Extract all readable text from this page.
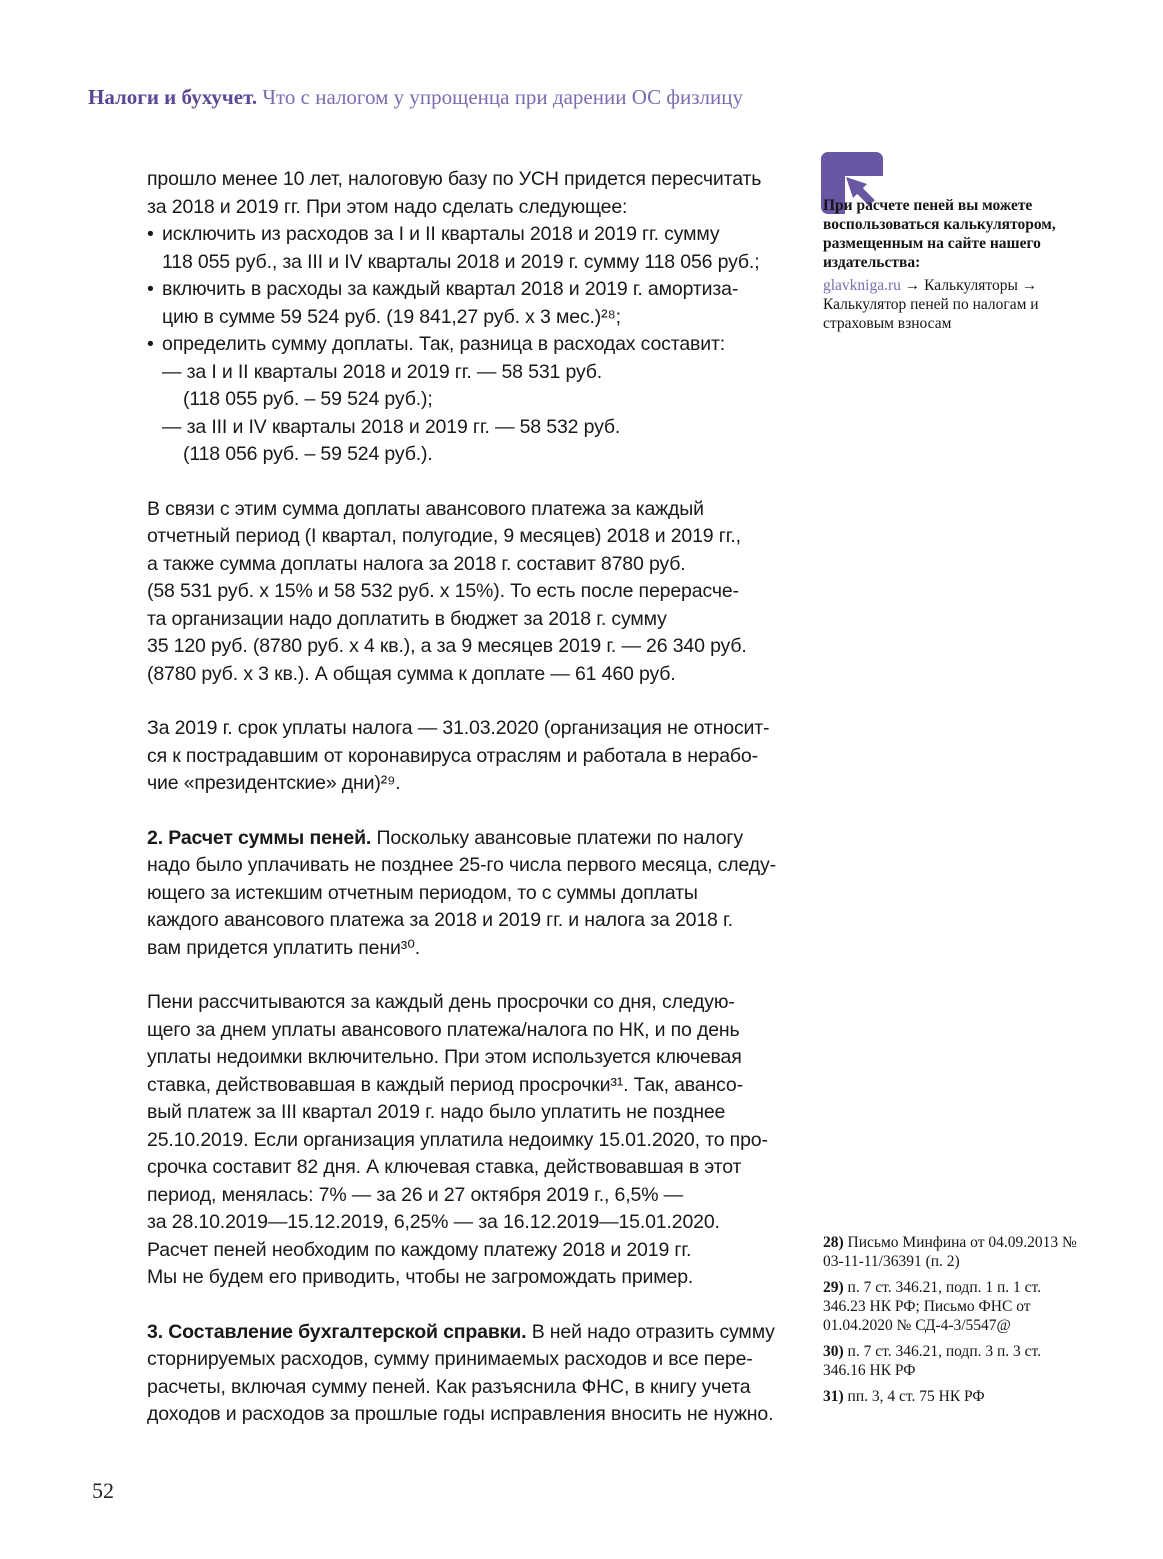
Налоги и бухучет. Что с налогом у упрощенца при дарении ОС физлицу
прошло менее 10 лет, налоговую базу по УСН придется пересчитать
за 2018 и 2019 гг. При этом надо сделать следующее:
• исключить из расходов за I и II кварталы 2018 и 2019 гг. сумму
118 055 руб., за III и IV кварталы 2018 и 2019 г. сумму 118 056 руб.;
• включить в расходы за каждый квартал 2018 и 2019 г. амортиза-
цию в сумме 59 524 руб. (19 841,27 руб. х 3 мес.)²⁸;
• определить сумму доплаты. Так, разница в расходах составит:
— за I и II кварталы 2018 и 2019 гг. — 58 531 руб.
(118 055 руб. – 59 524 руб.);
— за III и IV кварталы 2018 и 2019 гг. — 58 532 руб.
(118 056 руб. – 59 524 руб.).
В связи с этим сумма доплаты авансового платежа за каждый
отчетный период (I квартал, полугодие, 9 месяцев) 2018 и 2019 гг.,
а также сумма доплаты налога за 2018 г. составит 8780 руб.
(58 531 руб. х 15% и 58 532 руб. х 15%). То есть после перерасче-
та организации надо доплатить в бюджет за 2018 г. сумму
35 120 руб. (8780 руб. х 4 кв.), а за 9 месяцев 2019 г. — 26 340 руб.
(8780 руб. х 3 кв.). А общая сумма к доплате — 61 460 руб.
За 2019 г. срок уплаты налога — 31.03.2020 (организация не относит-
ся к пострадавшим от коронавируса отраслям и работала в нерабо-
чие «президентские» дни)²⁹.
2. Расчет суммы пеней. Поскольку авансовые платежи по налогу
надо было уплачивать не позднее 25-го числа первого месяца, следу-
ющего за истекшим отчетным периодом, то с суммы доплаты
каждого авансового платежа за 2018 и 2019 гг. и налога за 2018 г.
вам придется уплатить пени³⁰.
Пени рассчитываются за каждый день просрочки со дня, следую-
щего за днем уплаты авансового платежа/налога по НК, и по день
уплаты недоимки включительно. При этом используется ключевая
ставка, действовавшая в каждый период просрочки³¹. Так, авансо-
вый платеж за III квартал 2019 г. надо было уплатить не позднее
25.10.2019. Если организация уплатила недоимку 15.01.2020, то про-
срочка составит 82 дня. А ключевая ставка, действовавшая в этот
период, менялась: 7% — за 26 и 27 октября 2019 г., 6,5% —
за 28.10.2019—15.12.2019, 6,25% — за 16.12.2019—15.01.2020.
Расчет пеней необходим по каждому платежу 2018 и 2019 гг.
Мы не будем его приводить, чтобы не загромождать пример.
3. Составление бухгалтерской справки. В ней надо отразить сумму
сторнируемых расходов, сумму принимаемых расходов и все пере-
расчеты, включая сумму пеней. Как разъяснила ФНС, в книгу учета
доходов и расходов за прошлые годы исправления вносить не нужно.
При расчете пеней вы можете воспользоваться калькулятором, размещенным на сайте нашего издательства:
glavkniga.ru → Калькуляторы → Калькулятор пеней по налогам и страховым взносам
28) Письмо Минфина от 04.09.2013 № 03-11-11/36391 (п. 2)
29) п. 7 ст. 346.21, подп. 1 п. 1 ст. 346.23 НК РФ; Письмо ФНС от 01.04.2020 № СД-4-3/5547@
30) п. 7 ст. 346.21, подп. 3 п. 3 ст. 346.16 НК РФ
31) пп. 3, 4 ст. 75 НК РФ
52
